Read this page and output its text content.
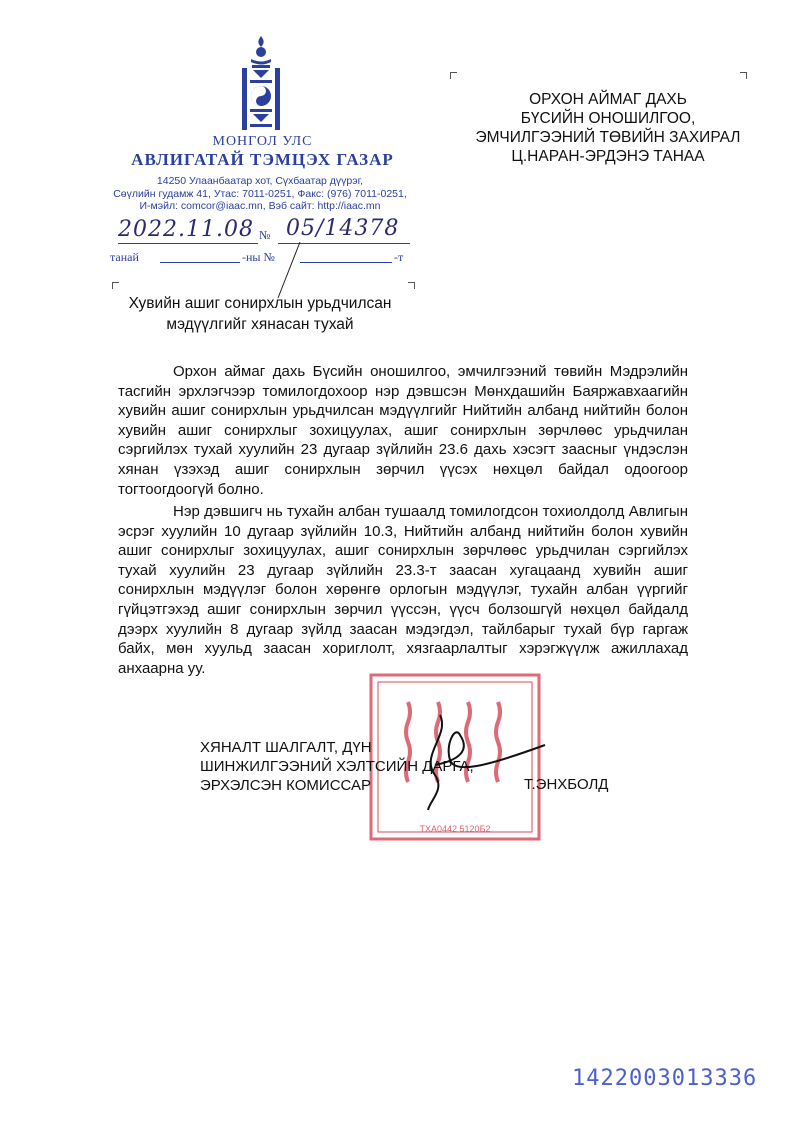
МОНГОЛ УЛС
АВЛИГАТАЙ ТЭМЦЭХ ГАЗАР
14250 Улаанбаатар хот, Сүхбаатар дүүрэг,
Сөүлийн гудамж 41, Утас: 7011-0251, Факс: (976) 7011-0251,
И-мэйл: comcor@iaac.mn, Вэб сайт: http://iaac.mn
2022.11.08 № 05/14378
танай	-ны №	-т
ОРХОН АЙМАГ ДАХЬ
БҮСИЙН ОНОШИЛГОО,
ЭМЧИЛГЭЭНИЙ ТӨВИЙН ЗАХИРАЛ
Ц.НАРАН-ЭРДЭНЭ ТАНАА
Хувийн ашиг сонирхлын урьдчилсан
мэдүүлгийг хянасан тухай

Орхон аймаг дахь Бүсийн оношилгоо, эмчилгээний төвийн Мэдрэлийн тасгийн эрхлэгчээр томилогдохоор нэр дэвшсэн Мөнхдашийн Баяржавхаагийн хувийн ашиг сонирхлын урьдчилсан мэдүүлгийг Нийтийн албанд нийтийн болон хувийн ашиг сонирхлыг зохицуулах, ашиг сонирхлын зөрчлөөс урьдчилан сэргийлэх тухай хуулийн 23 дугаар зүйлийн 23.6 дахь хэсэгт заасныг үндэслэн хянан үзэхэд ашиг сонирхлын зөрчил үүсэх нөхцөл байдал одоогоор тогтоогдоогүй болно.

Нэр дэвшигч нь тухайн албан тушаалд томилогдсон тохиолдолд Авлигын эсрэг хуулийн 10 дугаар зүйлийн 10.3, Нийтийн албанд нийтийн болон хувийн ашиг сонирхлыг зохицуулах, ашиг сонирхлын зөрчлөөс урьдчилан сэргийлэх тухай хуулийн 23 дугаар зүйлийн 23.3-т заасан хугацаанд хувийн ашиг сонирхлын мэдүүлэг болон хөрөнгө орлогын мэдүүлэг, тухайн албан үүргийг гүйцэтгэхэд ашиг сонирхлын зөрчил үүссэн, үүсч болзошгүй нөхцөл байдалд дээрх хуулийн 8 дугаар зүйлд заасан мэдэгдэл, тайлбарыг тухай бүр гаргаж байх, мөн хуульд заасан хориглолт, хязгаарлалтыг хэрэгжүүлж ажиллахад анхаарна уу.

ТХА0442 5120Б2
ХЯНАЛТ ШАЛГАЛТ, ДҮН
ШИНЖИЛГЭЭНИЙ ХЭЛТСИЙН ДАРГА,
ЭРХЭЛСЭН КОМИССАР	Т.ЭНХБОЛД
1422003013336
